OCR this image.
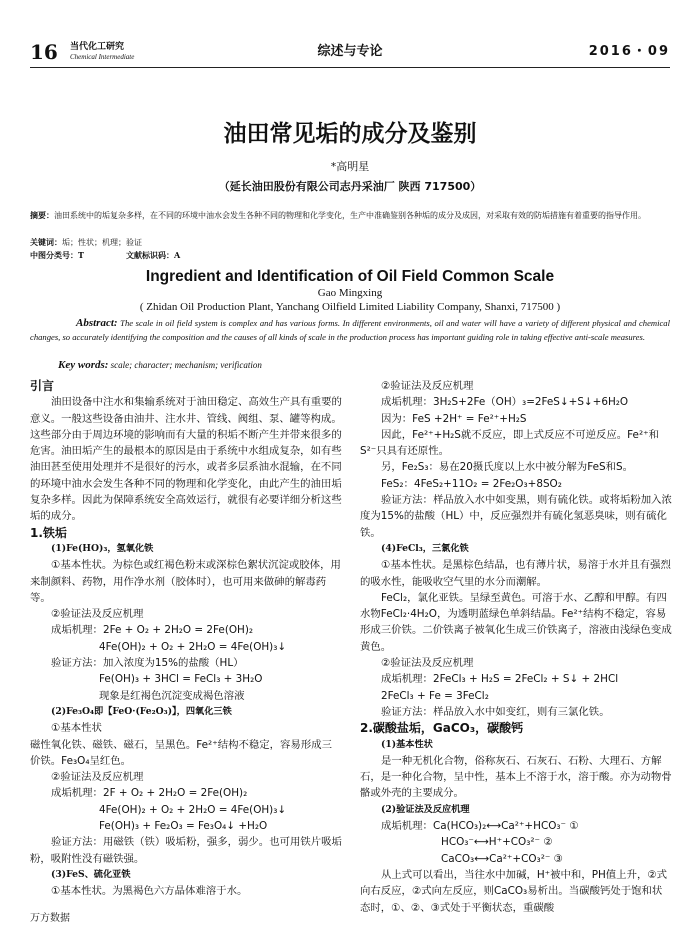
16 当代化工研究
Chemical Intermediate	综述与专论	2016・09
油田常见垢的成分及鉴别
*高明星
（延长油田股份有限公司志丹采油厂 陕西 717500）
摘要：油田系统中的垢复杂多样，在不同的环境中油水会发生各种不同的物理和化学变化，生产中准确鉴别各种垢的成分及成因，对采取有效的防垢措施有着重要的指导作用。
关键词：垢；性状；机理；验证
中图分类号：T	文献标识码：A
Ingredient and Identification of Oil Field Common Scale
Gao Mingxing
( Zhidan Oil Production Plant, Yanchang Oilfield Limited Liability Company, Shanxi, 717500 )
Abstract: The scale in oil field system is complex and has various forms. In different environments, oil and water will have a variety of different physical and chemical changes, so accurately identifying the composition and the causes of all kinds of scale in the production process has important guiding role in taking effective anti-scale measures.
Key words: scale; character; mechanism; verification

引言

油田设备中注水和集输系统对于油田稳定、高效生产具有重要的意义。一般这些设备由油井、注水井、管线、阀组、泵、罐等构成。这些部分由于周边环境的影响而有大量的积垢不断产生并带来很多的危害。油田垢产生的最根本的原因是由于系统中水组成复杂，如有些油田甚至使用处理并不是很好的污水，或者多层系油水混输，在不同的环境中油水会发生各种不同的物理和化学变化，由此产生的油田垢复杂多样。因此为保障系统安全高效运行，就很有必要详细分析这些垢的成分。

1.铁垢

(1)Fe(HO)₃，氢氧化铁

①基本性状。为棕色或红褐色粉末或深棕色絮状沉淀或胶体，用来制颜料、药物，用作净水剂（胶体时），也可用来做砷的解毒药等。

②验证法及反应机理

成垢机理：2Fe + O₂ + 2H₂O = 2Fe(OH)₂

4Fe(OH)₂ + O₂ + 2H₂O = 4Fe(OH)₃↓

验证方法：加入浓度为15%的盐酸（HL）

Fe(OH)₃ + 3HCl = FeCl₃ + 3H₂O

现象是红褐色沉淀变成褐色溶液

(2)Fe₃O₄即【FeO·(Fe₂O₃)】，四氧化三铁

①基本性状

磁性氧化铁、磁铁、磁石，呈黑色。Fe²⁺结构不稳定，容易形成三价铁。Fe₃O₄呈红色。

②验证法及反应机理

成垢机理：2F + O₂ + 2H₂O = 2Fe(OH)₂

4Fe(OH)₂ + O₂ + 2H₂O = 4Fe(OH)₃↓

Fe(OH)₃ + Fe₂O₃ = Fe₃O₄↓ +H₂O

验证方法：用磁铁（铁）吸垢粉，强多，弱少。也可用铁片吸垢粉，吸附性没有磁铁强。

(3)FeS、硫化亚铁

①基本性状。为黑褐色六方晶体难溶于水。

②验证法及反应机理

成垢机理：3H₂S+2Fe（OH）₃=2FeS↓+S↓+6H₂O

因为：FeS +2H⁺ = Fe²⁺+H₂S

因此，Fe²⁺+H₂S就不反应，即上式反应不可逆反应。Fe²⁺和S²⁻只具有还原性。

另，Fe₂S₃：易在20摄氏度以上水中被分解为FeS和S。

FeS₂：4FeS₂+11O₂ = 2Fe₂O₃+8SO₂

验证方法：样品放入水中如变黑，则有硫化铁。或将垢粉加入浓度为15%的盐酸（HL）中，反应强烈并有硫化氢恶臭味，则有硫化铁。

(4)FeCl₃，三氯化铁

①基本性状。是黑棕色结晶，也有薄片状，易溶于水并且有强烈的吸水性，能吸收空气里的水分而潮解。

FeCl₂，氯化亚铁。呈绿至黄色。可溶于水、乙醇和甲醇。有四水物FeCl₂·4H₂O，为透明蓝绿色单斜结晶。Fe²⁺结构不稳定，容易形成三价铁。二价铁离子被氧化生成三价铁离子，溶液由浅绿色变成黄色。

②验证法及反应机理

成垢机理：2FeCl₃ + H₂S = 2FeCl₂ + S↓ + 2HCl

2FeCl₃ + Fe = 3FeCl₂

验证方法：样品放入水中如变红，则有三氯化铁。

2.碳酸盐垢，GaCO₃，碳酸钙

(1)基本性状

是一种无机化合物，俗称灰石、石灰石、石粉、大理石、方解石，是一种化合物，呈中性，基本上不溶于水，溶于酸。亦为动物骨骼或外壳的主要成分。

(2)验证法及反应机理

成垢机理：Ca(HCO₃)₂⟷Ca²⁺+HCO₃⁻ ①

HCO₃⁻⟷H⁺+CO₃²⁻ ②

CaCO₃⟷Ca²⁺+CO₃²⁻ ③

从上式可以看出，当往水中加碱，H⁺被中和，PH值上升，②式向右反应，②式向左反应，则CaCO₃易析出。当碳酸钙处于饱和状态时，①、②、③式处于平衡状态，重碳酸

万方数据
